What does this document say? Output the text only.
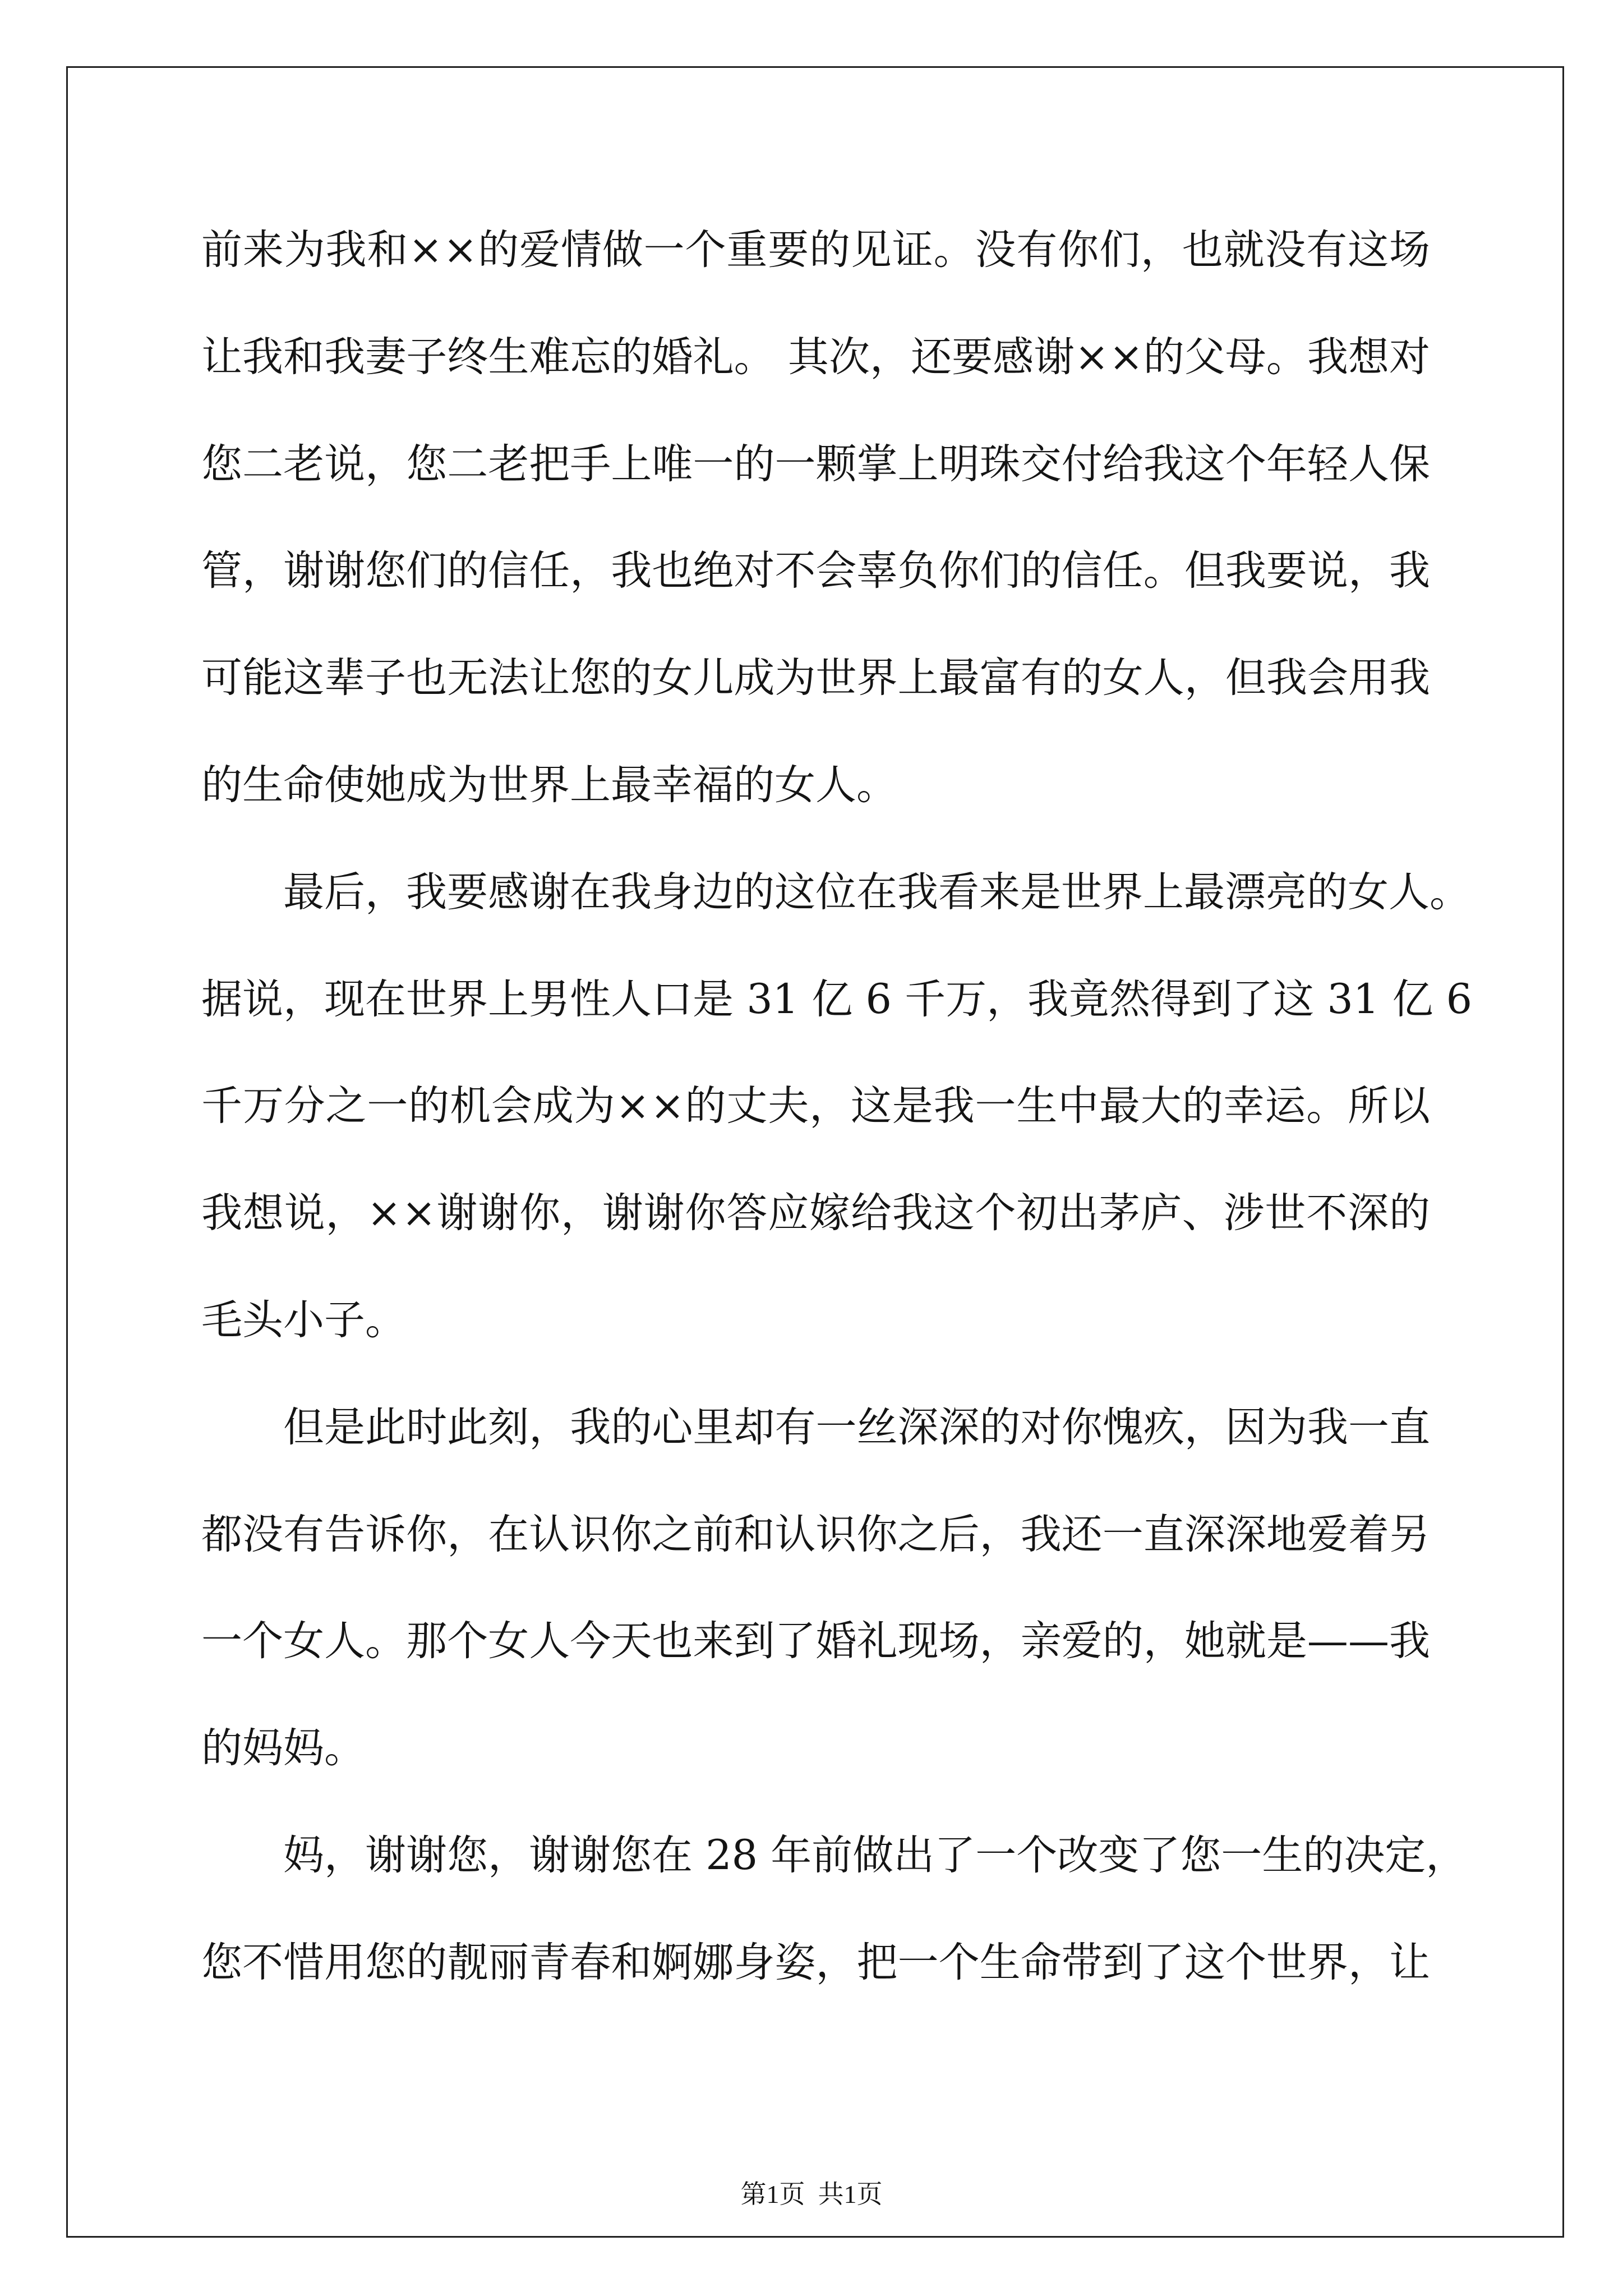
前来为我和××的爱情做一个重要的见证。没有你们，也就没有这场
让我和我妻子终生难忘的婚礼。 其次，还要感谢××的父母。我想对
您二老说，您二老把手上唯一的一颗掌上明珠交付给我这个年轻人保
管，谢谢您们的信任，我也绝对不会辜负你们的信任。但我要说，我
可能这辈子也无法让您的女儿成为世界上最富有的女人，但我会用我
的生命使她成为世界上最幸福的女人。
最后，我要感谢在我身边的这位在我看来是世界上最漂亮的女人。
据说，现在世界上男性人口是 31 亿 6 千万，我竟然得到了这 31 亿 6
千万分之一的机会成为××的丈夫，这是我一生中最大的幸运。所以
我想说，××谢谢你，谢谢你答应嫁给我这个初出茅庐、涉世不深的
毛头小子。
但是此时此刻，我的心里却有一丝深深的对你愧疚，因为我一直
都没有告诉你，在认识你之前和认识你之后，我还一直深深地爱着另
一个女人。那个女人今天也来到了婚礼现场，亲爱的，她就是——我
的妈妈。
妈，谢谢您，谢谢您在 28 年前做出了一个改变了您一生的决定，
您不惜用您的靓丽青春和婀娜身姿，把一个生命带到了这个世界，让
第1页  共1页
